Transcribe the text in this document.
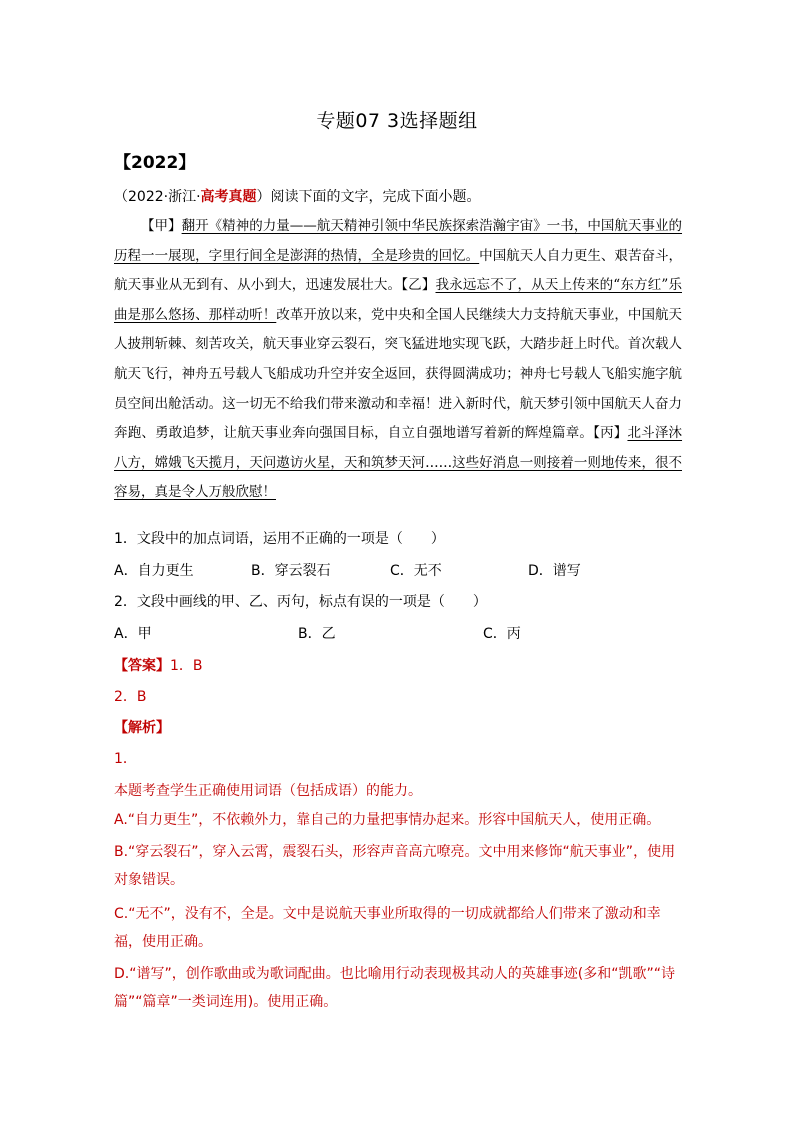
专题07 3选择题组
【2022】
（2022·浙江·高考真题）阅读下面的文字，完成下面小题。
【甲】翻开《精神的力量——航天精神引领中华民族探索浩瀚宇宙》一书，中国航天事业的历程一一展现，字里行间全是澎湃的热情，全是珍贵的回忆。中国航天人自力更生、艰苦奋斗，航天事业从无到有、从小到大，迅速发展壮大。【乙】我永远忘不了，从天上传来的“东方红”乐曲是那么悠扬、那样动听！改革开放以来，党中央和全国人民继续大力支持航天事业，中国航天人披荆斩棘、刻苦攻关，航天事业穿云裂石，突飞猛进地实现飞跃，大踏步赶上时代。首次载人航天飞行，神舟五号载人飞船成功升空并安全返回，获得圆满成功；神舟七号载人飞船实施字航员空间出舱活动。这一切无不给我们带来激动和幸福！进入新时代，航天梦引领中国航天人奋力奔跑、勇敢追梦，让航天事业奔向强国目标，自立自强地谱写着新的辉煌篇章。【丙】北斗泽沐八方，嫦娥飞天揽月，天问遨访火星，天和筑梦天河……这些好消息一则接着一则地传来，很不容易，真是令人万般欣慰！
1．文段中的加点词语，运用不正确的一项是（　　）
A．自力更生	B．穿云裂石	C．无不	D．谱写
2．文段中画线的甲、乙、丙句，标点有误的一项是（　　）
A．甲	B．乙	C．丙
【答案】1．B
2．B
【解析】
1．
本题考查学生正确使用词语（包括成语）的能力。
A.“自力更生”，不依赖外力，靠自己的力量把事情办起来。形容中国航天人，使用正确。
B.“穿云裂石”，穿入云霄，震裂石头，形容声音高亢嘹亮。文中用来修饰“航天事业”，使用对象错误。
C.“无不”，没有不，全是。文中是说航天事业所取得的一切成就都给人们带来了激动和幸福，使用正确。
D.“谱写”，创作歌曲或为歌词配曲。也比喻用行动表现极其动人的英雄事迹(多和“凯歌”“诗篇”“篇章”一类词连用)。使用正确。
